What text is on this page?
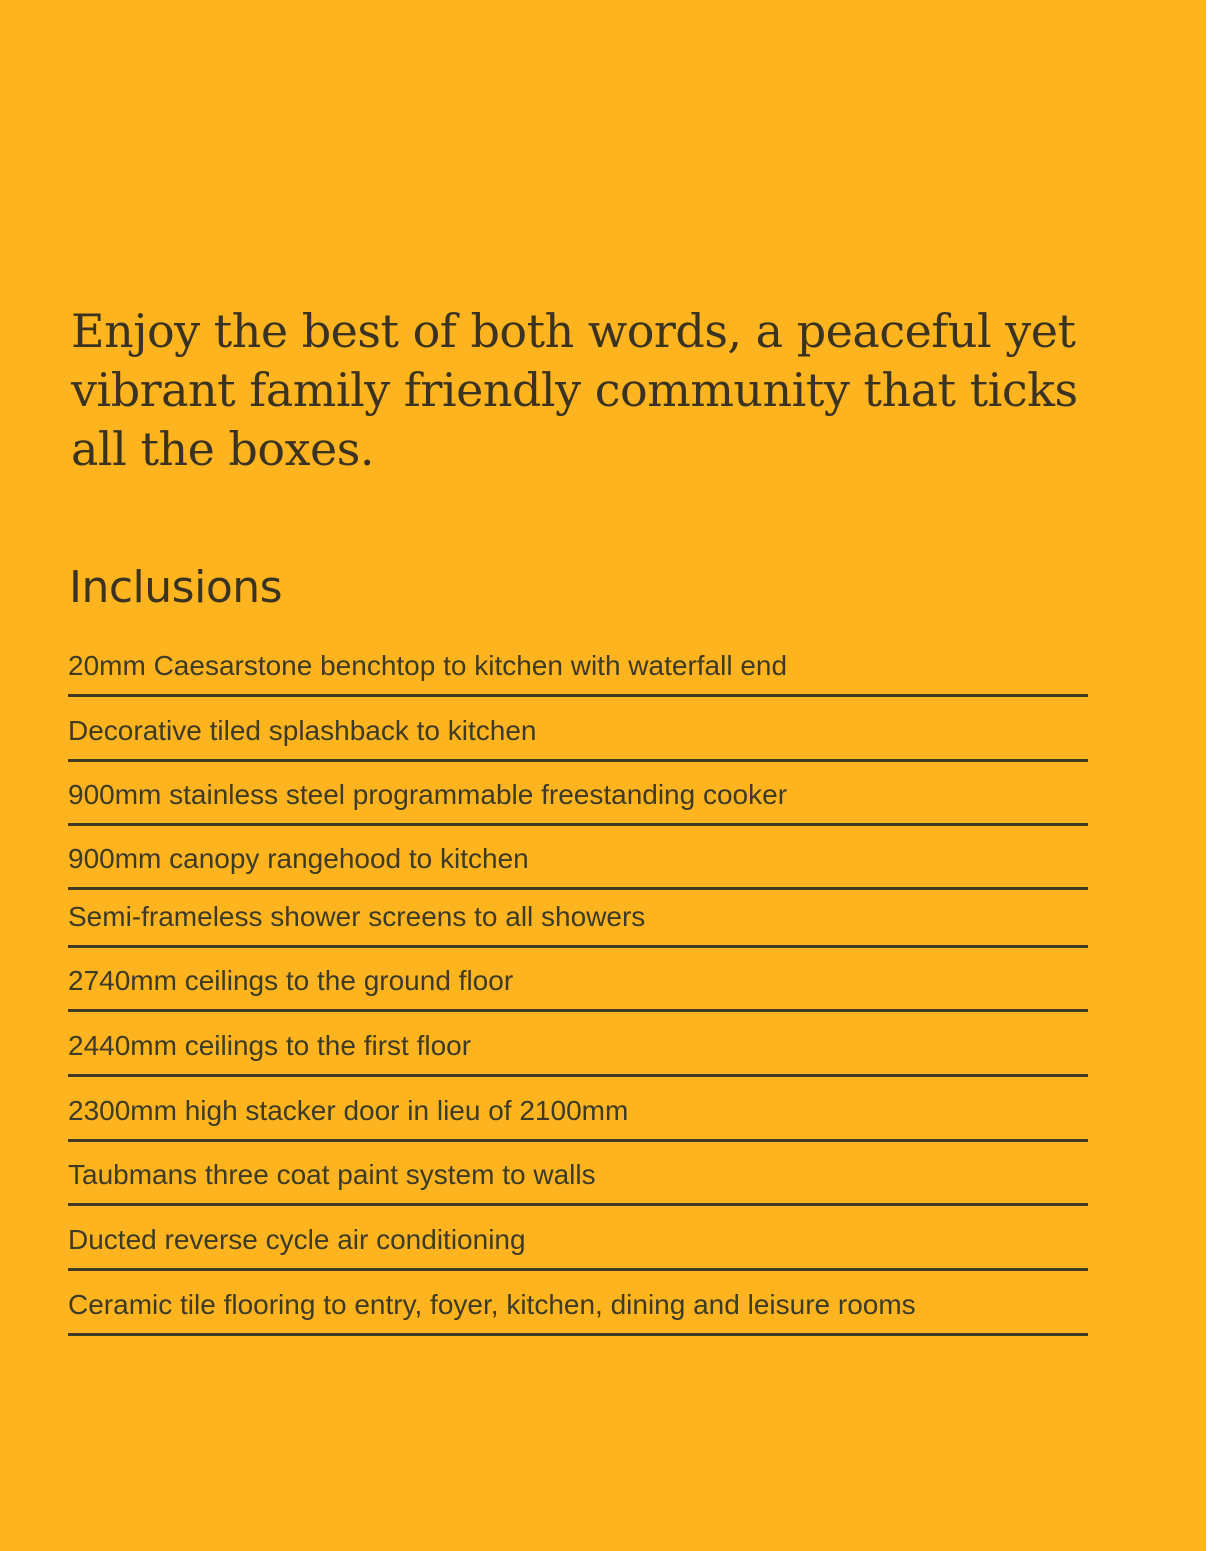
Enjoy the best of both words, a peaceful yet vibrant family friendly community that ticks all the boxes.
Inclusions
20mm Caesarstone benchtop to kitchen with waterfall end
Decorative tiled splashback to kitchen
900mm stainless steel programmable freestanding cooker
900mm canopy rangehood to kitchen
Semi-frameless shower screens to all showers
2740mm ceilings to the ground floor
2440mm ceilings to the first floor
2300mm high stacker door in lieu of 2100mm
Taubmans three coat paint system to walls
Ducted reverse cycle air conditioning
Ceramic tile flooring to entry, foyer, kitchen, dining and leisure rooms
